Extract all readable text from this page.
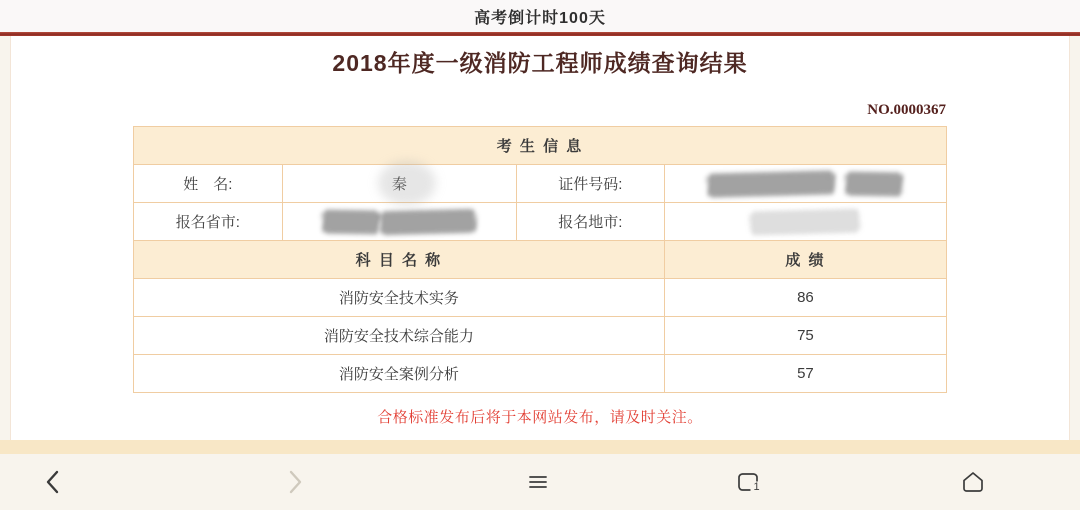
高考倒计时100天
2018年度一级消防工程师成绩查询结果
NO.0000367
考 生 信 息			
姓　名:	秦	证件号码:	
报名省市:		报名地市:	
科 目 名 称			成 绩
消防安全技术实务			86
消防安全技术综合能力			75
消防安全案例分析			57
合格标准发布后将于本网站发布，请及时关注。
1
